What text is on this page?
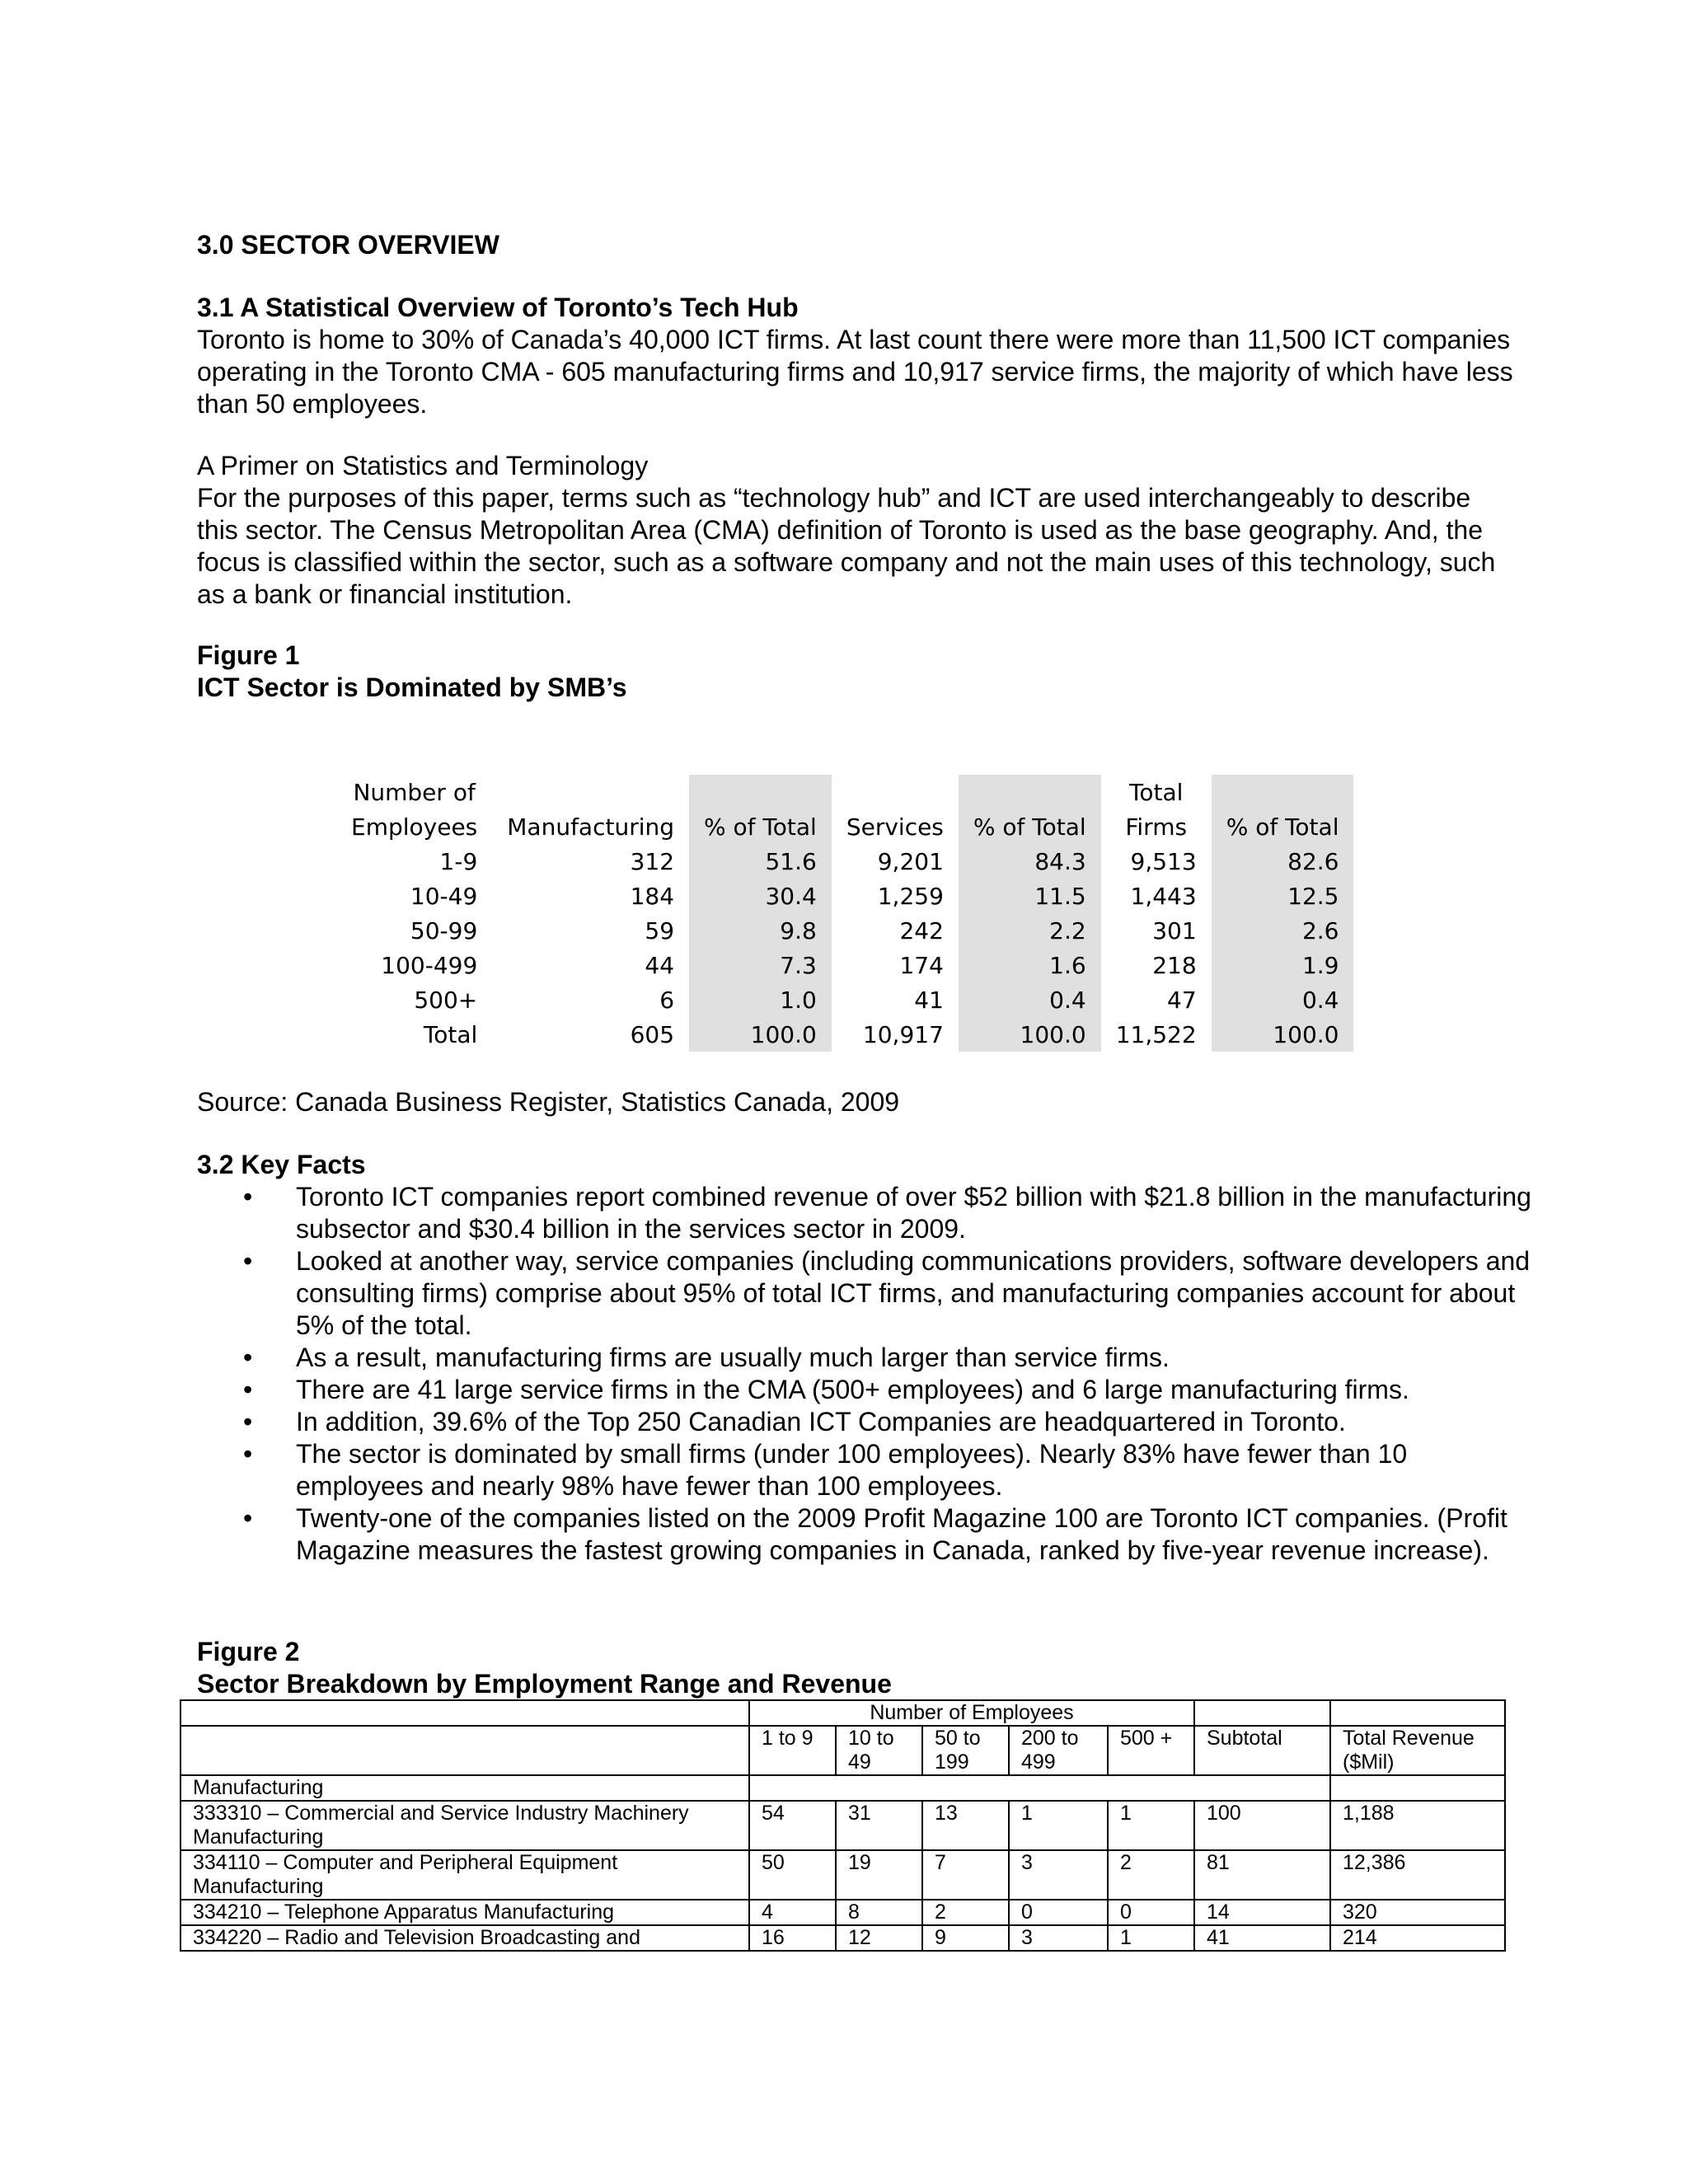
3.0 SECTOR OVERVIEW
3.1 A Statistical Overview of Toronto’s Tech Hub
Toronto is home to 30% of Canada’s 40,000 ICT firms. At last count there were more than 11,500 ICT companies operating in the Toronto CMA - 605 manufacturing firms and 10,917 service firms, the majority of which have less than 50 employees.
A Primer on Statistics and Terminology
For the purposes of this paper, terms such as “technology hub” and ICT are used interchangeably to describe this sector. The Census Metropolitan Area (CMA) definition of Toronto is used as the base geography. And, the focus is classified within the sector, such as a software company and not the main uses of this technology, such as a bank or financial institution.
Figure 1
ICT Sector is Dominated by SMB’s
Number of					Total	
Employees	Manufacturing	% of Total	Services	% of Total	Firms	% of Total
1-9	312	51.6	9,201	84.3	9,513	82.6
10-49	184	30.4	1,259	11.5	1,443	12.5
50-99	59	9.8	242	2.2	301	2.6
100-499	44	7.3	174	1.6	218	1.9
500+	6	1.0	41	0.4	47	0.4
Total	605	100.0	10,917	100.0	11,522	100.0
Source: Canada Business Register, Statistics Canada, 2009
3.2 Key Facts
• Toronto ICT companies report combined revenue of over $52 billion with $21.8 billion in the manufacturing subsector and $30.4 billion in the services sector in 2009.
• Looked at another way, service companies (including communications providers, software developers and consulting firms) comprise about 95% of total ICT firms, and manufacturing companies account for about 5% of the total.
• As a result, manufacturing firms are usually much larger than service firms.
• There are 41 large service firms in the CMA (500+ employees) and 6 large manufacturing firms.
• In addition, 39.6% of the Top 250 Canadian ICT Companies are headquartered in Toronto.
• The sector is dominated by small firms (under 100 employees). Nearly 83% have fewer than 10 employees and nearly 98% have fewer than 100 employees.
• Twenty-one of the companies listed on the 2009 Profit Magazine 100 are Toronto ICT companies. (Profit Magazine measures the fastest growing companies in Canada, ranked by five-year revenue increase).
Figure 2
Sector Breakdown by Employment Range and Revenue
	Number of Employees						
	1 to 9	10 to 49	50 to 199	200 to 499	500 +	Subtotal	Total Revenue ($Mil)
Manufacturing							
333310 – Commercial and Service Industry Machinery Manufacturing	54	31	13	1	1	100	1,188
334110 – Computer and Peripheral Equipment Manufacturing	50	19	7	3	2	81	12,386
334210 – Telephone Apparatus Manufacturing	4	8	2	0	0	14	320
334220 – Radio and Television Broadcasting and	16	12	9	3	1	41	214
